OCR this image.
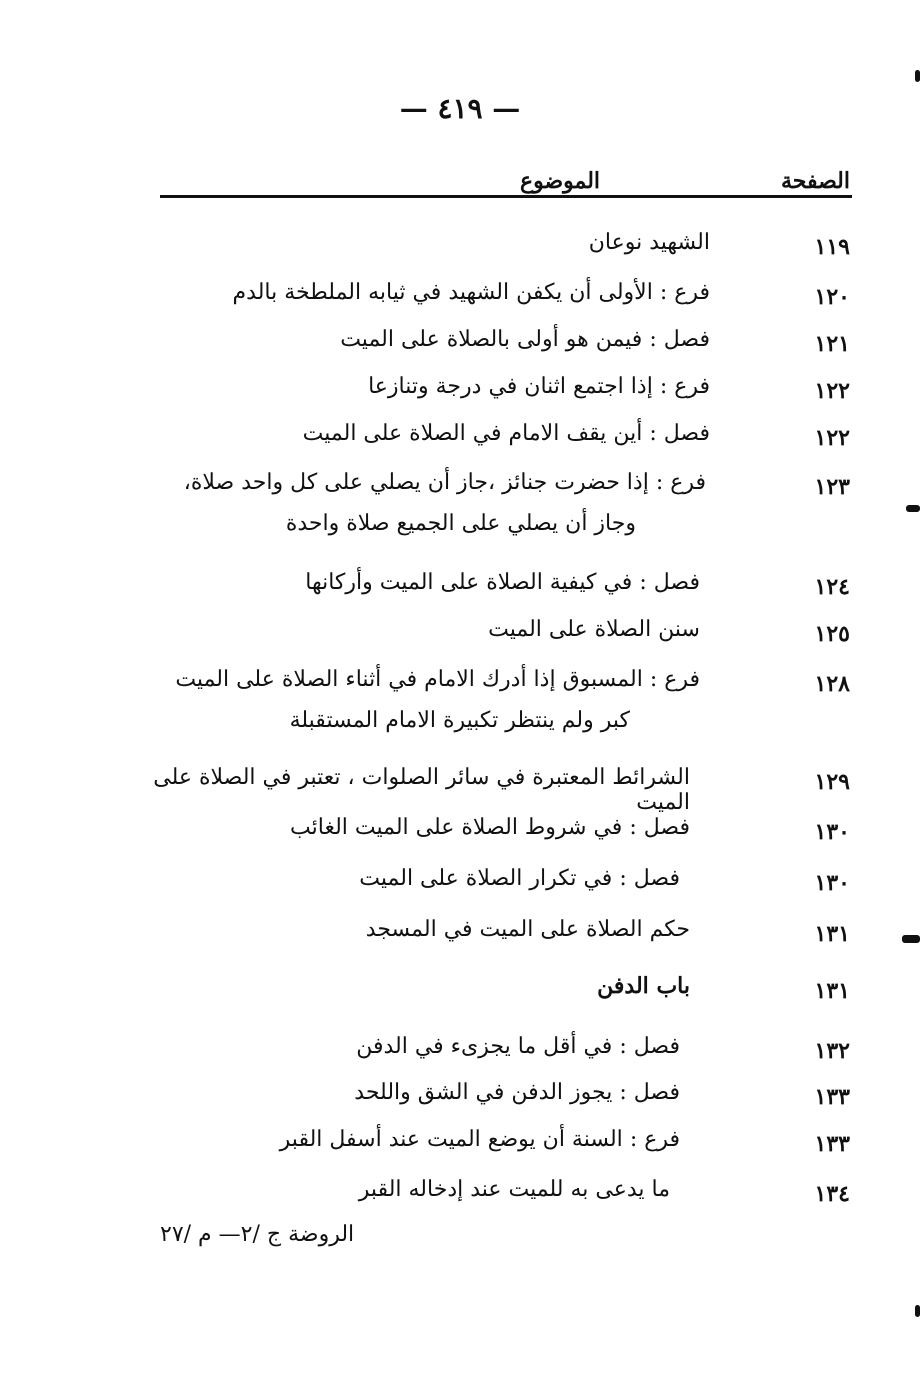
— ٤١٩ —
الصفحة
الموضوع
١١٩
الشهيد نوعان
١٢٠
فرع : الأولى أن يكفن الشهيد في ثيابه الملطخة بالدم
١٢١
فصل : فيمن هو أولى بالصلاة على الميت
١٢٢
فرع : إذا اجتمع اثنان في درجة وتنازعا
١٢٢
فصل : أين يقف الامام في الصلاة على الميت
١٢٣
فرع : إذا حضرت جنائز ،جاز أن يصلي على كل واحد صلاة،
وجاز أن يصلي على الجميع صلاة واحدة
١٢٤
فصل : في كيفية الصلاة على الميت وأركانها
١٢٥
سنن الصلاة على الميت
١٢٨
فرع : المسبوق إذا أدرك الامام في أثناء الصلاة على الميت
كبر ولم ينتظر تكبيرة الامام المستقبلة
١٢٩
الشرائط المعتبرة في سائر الصلوات ، تعتبر في الصلاة على الميت
١٣٠
فصل : في شروط الصلاة على الميت الغائب
١٣٠
فصل : في تكرار الصلاة على الميت
١٣١
حكم الصلاة على الميت في المسجد
١٣١
باب الدفن
١٣٢
فصل : في أقل ما يجزىء في الدفن
١٣٣
فصل : يجوز الدفن في الشق واللحد
١٣٣
فرع : السنة أن يوضع الميت عند أسفل القبر
١٣٤
ما يدعى به للميت عند إدخاله القبر
الروضة ج /٢— م /٢٧
